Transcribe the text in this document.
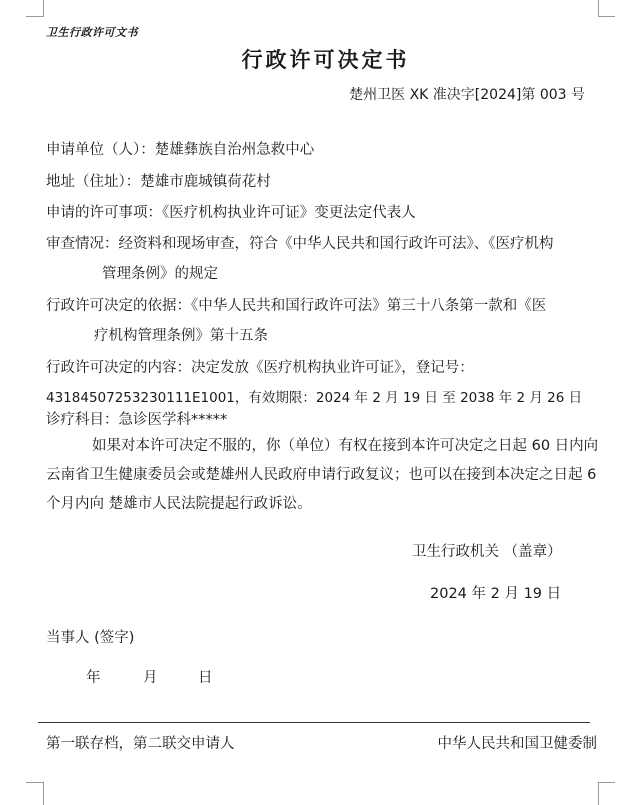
卫生行政许可文书
行政许可决定书
楚州卫医 XK 准决字[2024]第 003 号
申请单位（人）：楚雄彝族自治州急救中心
地址（住址）：楚雄市鹿城镇荷花村
申请的许可事项：《医疗机构执业许可证》变更法定代表人
审查情况：经资料和现场审查，符合《中华人民共和国行政许可法》、《医疗机构
管理条例》的规定
行政许可决定的依据：《中华人民共和国行政许可法》第三十八条第一款和《医
疗机构管理条例》第十五条
行政许可决定的内容：决定发放《医疗机构执业许可证》，登记号：
43184507253230111E1001，有效期限：2024 年 2 月 19 日 至 2038 年 2 月 26 日
诊疗科目：急诊医学科*****
如果对本许可决定不服的，你（单位）有权在接到本许可决定之日起 60 日内向云南省卫生健康委员会或楚雄州人民政府申请行政复议；也可以在接到本决定之日起 6 个月内向 楚雄市人民法院提起行政诉讼。
卫生行政机关 （盖章）
2024 年 2 月 19 日
当事人 (签字)
年	月	日
第一联存档，第二联交申请人	中华人民共和国卫健委制
